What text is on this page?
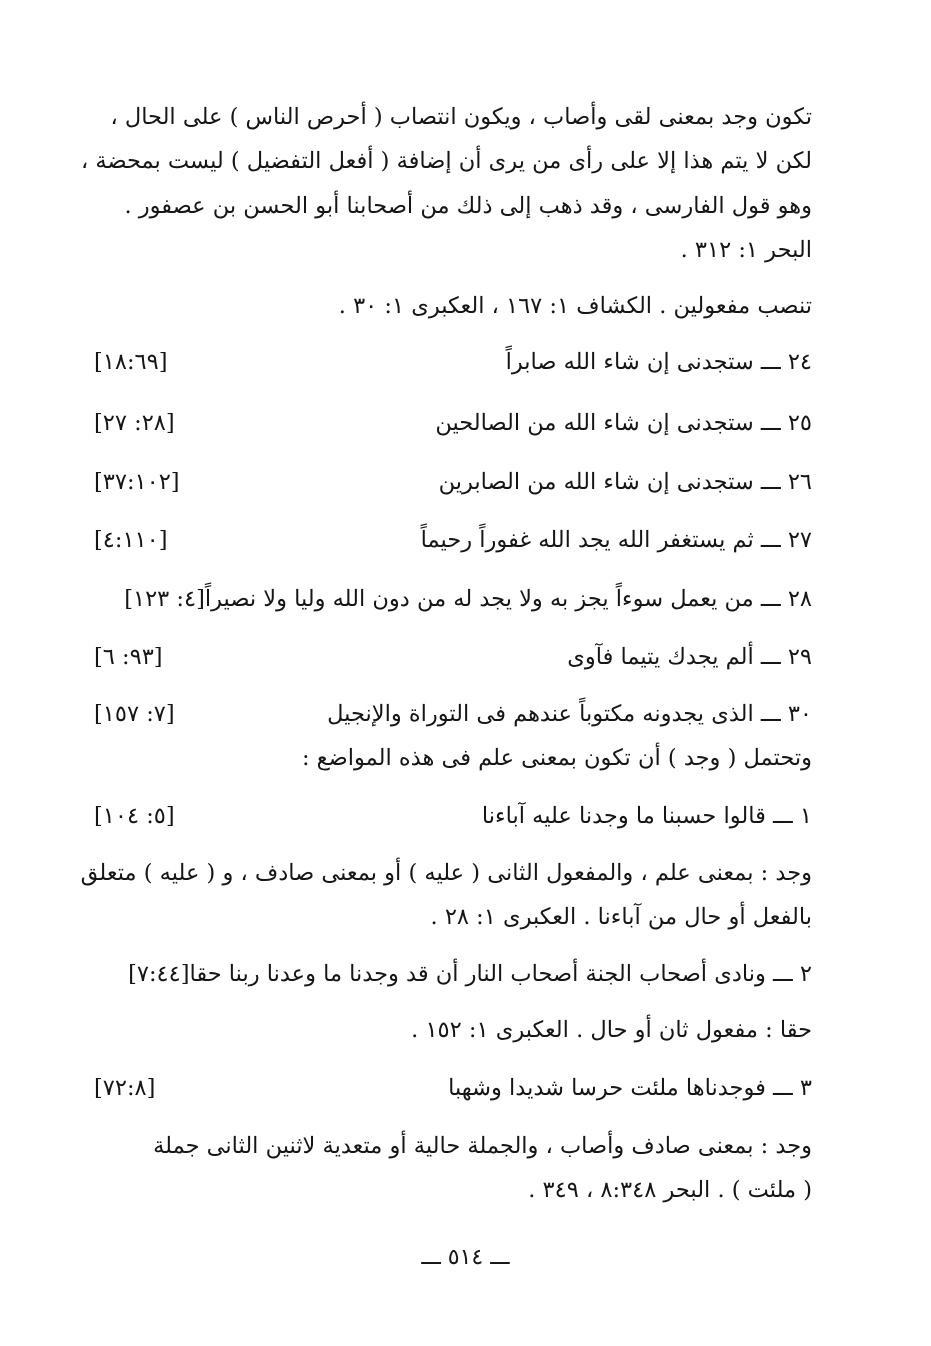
تكون وجد بمعنى لقى وأصاب ، ويكون انتصاب ( أحرص الناس ) على الحال ،
لكن لا يتم هذا إلا على رأى من يرى أن إضافة ( أفعل التفضيل ) ليست بمحضة ،
وهو قول الفارسى ، وقد ذهب إلى ذلك من أصحابنا أبو الحسن بن عصفور .
البحر ١: ٣١٢ .
تنصب مفعولين . الكشاف ١: ١٦٧ ، العكبرى ١: ٣٠ .
٢٤ ـــ ستجدنى إن شاء الله صابراً
[١٨:٦٩]
٢٥ ـــ ستجدنى إن شاء الله من الصالحين
[٢٨: ٢٧]
٢٦ ـــ ستجدنى إن شاء الله من الصابرين
[٣٧:١٠٢]
٢٧ ـــ ثم يستغفر الله يجد الله غفوراً رحيماً
[٤:١١٠]
٢٨ ـــ من يعمل سوءاً يجز به ولا يجد له من دون الله وليا ولا نصيراً[٤: ١٢٣]
٢٩ ـــ ألم يجدك يتيما فآوى
[٩٣: ٦]
٣٠ ـــ الذى يجدونه مكتوباً عندهم فى التوراة والإنجيل
[٧: ١٥٧]
وتحتمل ( وجد ) أن تكون بمعنى علم فى هذه المواضع :
١ ـــ قالوا حسبنا ما وجدنا عليه آباءنا
[٥: ١٠٤]
وجد : بمعنى علم ، والمفعول الثانى ( عليه ) أو بمعنى صادف ، و ( عليه ) متعلق
بالفعل أو حال من آباءنا . العكبرى ١: ٢٨ .
٢ ـــ ونادى أصحاب الجنة أصحاب النار أن قد وجدنا ما وعدنا ربنا حقا[٧:٤٤]
حقا : مفعول ثان أو حال . العكبرى ١: ١٥٢ .
٣ ـــ فوجدناها ملئت حرسا شديدا وشهبا
[٧٢:٨]
وجد : بمعنى صادف وأصاب ، والجملة حالية أو متعدية لاثنين الثانى جملة
( ملئت ) . البحر ٨:٣٤٨ ، ٣٤٩ .
ـــ ٥١٤ ـــ
